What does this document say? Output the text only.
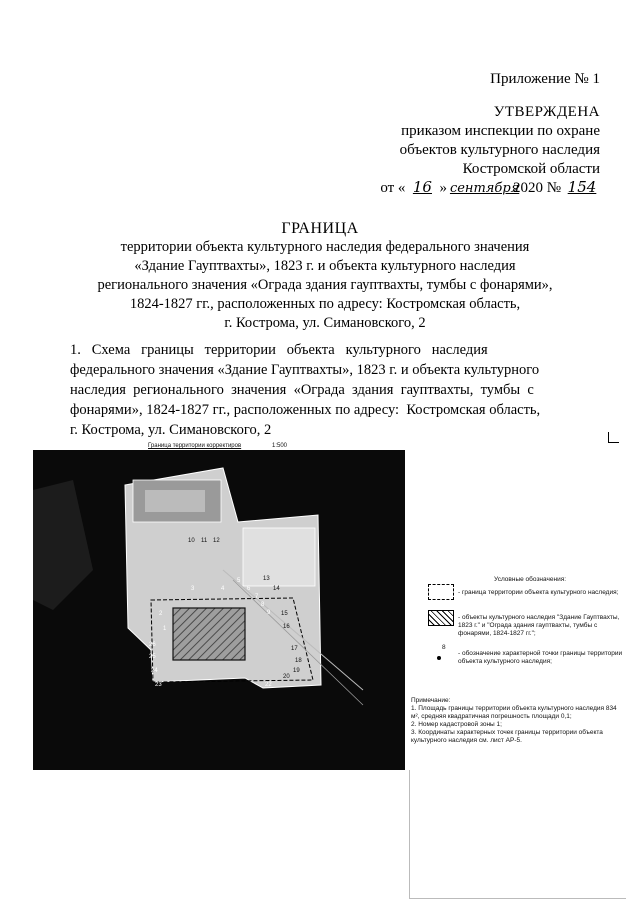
Приложение № 1
УТВЕРЖДЕНА
приказом инспекции по охране
объектов культурного наследия
Костромской области
от « 16 » сентября
2020 № 154
ГРАНИЦА
территории объекта культурного наследия федерального значения
«Здание Гауптвахты», 1823 г. и объекта культурного наследия
регионального значения «Ограда здания гауптвахты, тумбы с фонарями»,
1824-1827 гг., расположенных по адресу: Костромская область,
г. Кострома, ул. Симановского, 2
1.   Схема   границы   территории   объекта   культурного   наследия
федерального значения «Здание Гауптвахты», 1823 г. и объекта культурного
наследия  регионального  значения  «Ограда  здания  гауптвахты,  тумбы  с
фонарями», 1824-1827 гг., расположенных по адресу:  Костромская область,
г. Кострома, ул. Симановского, 2
Граница территории корректиров	1:500
10 11 12
13
14
15
16
17
18
19
20
22
23
24
25
26
2
3	4
5
6
7
8
9
1
Условные обозначения:
- граница территории объекта культурного наследия;
- объекты культурного наследия "Здание Гауптвахты, 1823 г." и "Ограда здания гауптвахты, тумбы с фонарями, 1824-1827 гг.";
8
- обозначение характерной точки границы территории объекта культурного наследия;
Примечание:
1. Площадь границы территории объекта культурного наследия 834 м², средняя квадратичная погрешность площади 0,1;
2. Номер кадастровой зоны 1;
3. Координаты характерных точек границы территории объекта культурного наследия см. лист АР-5.
